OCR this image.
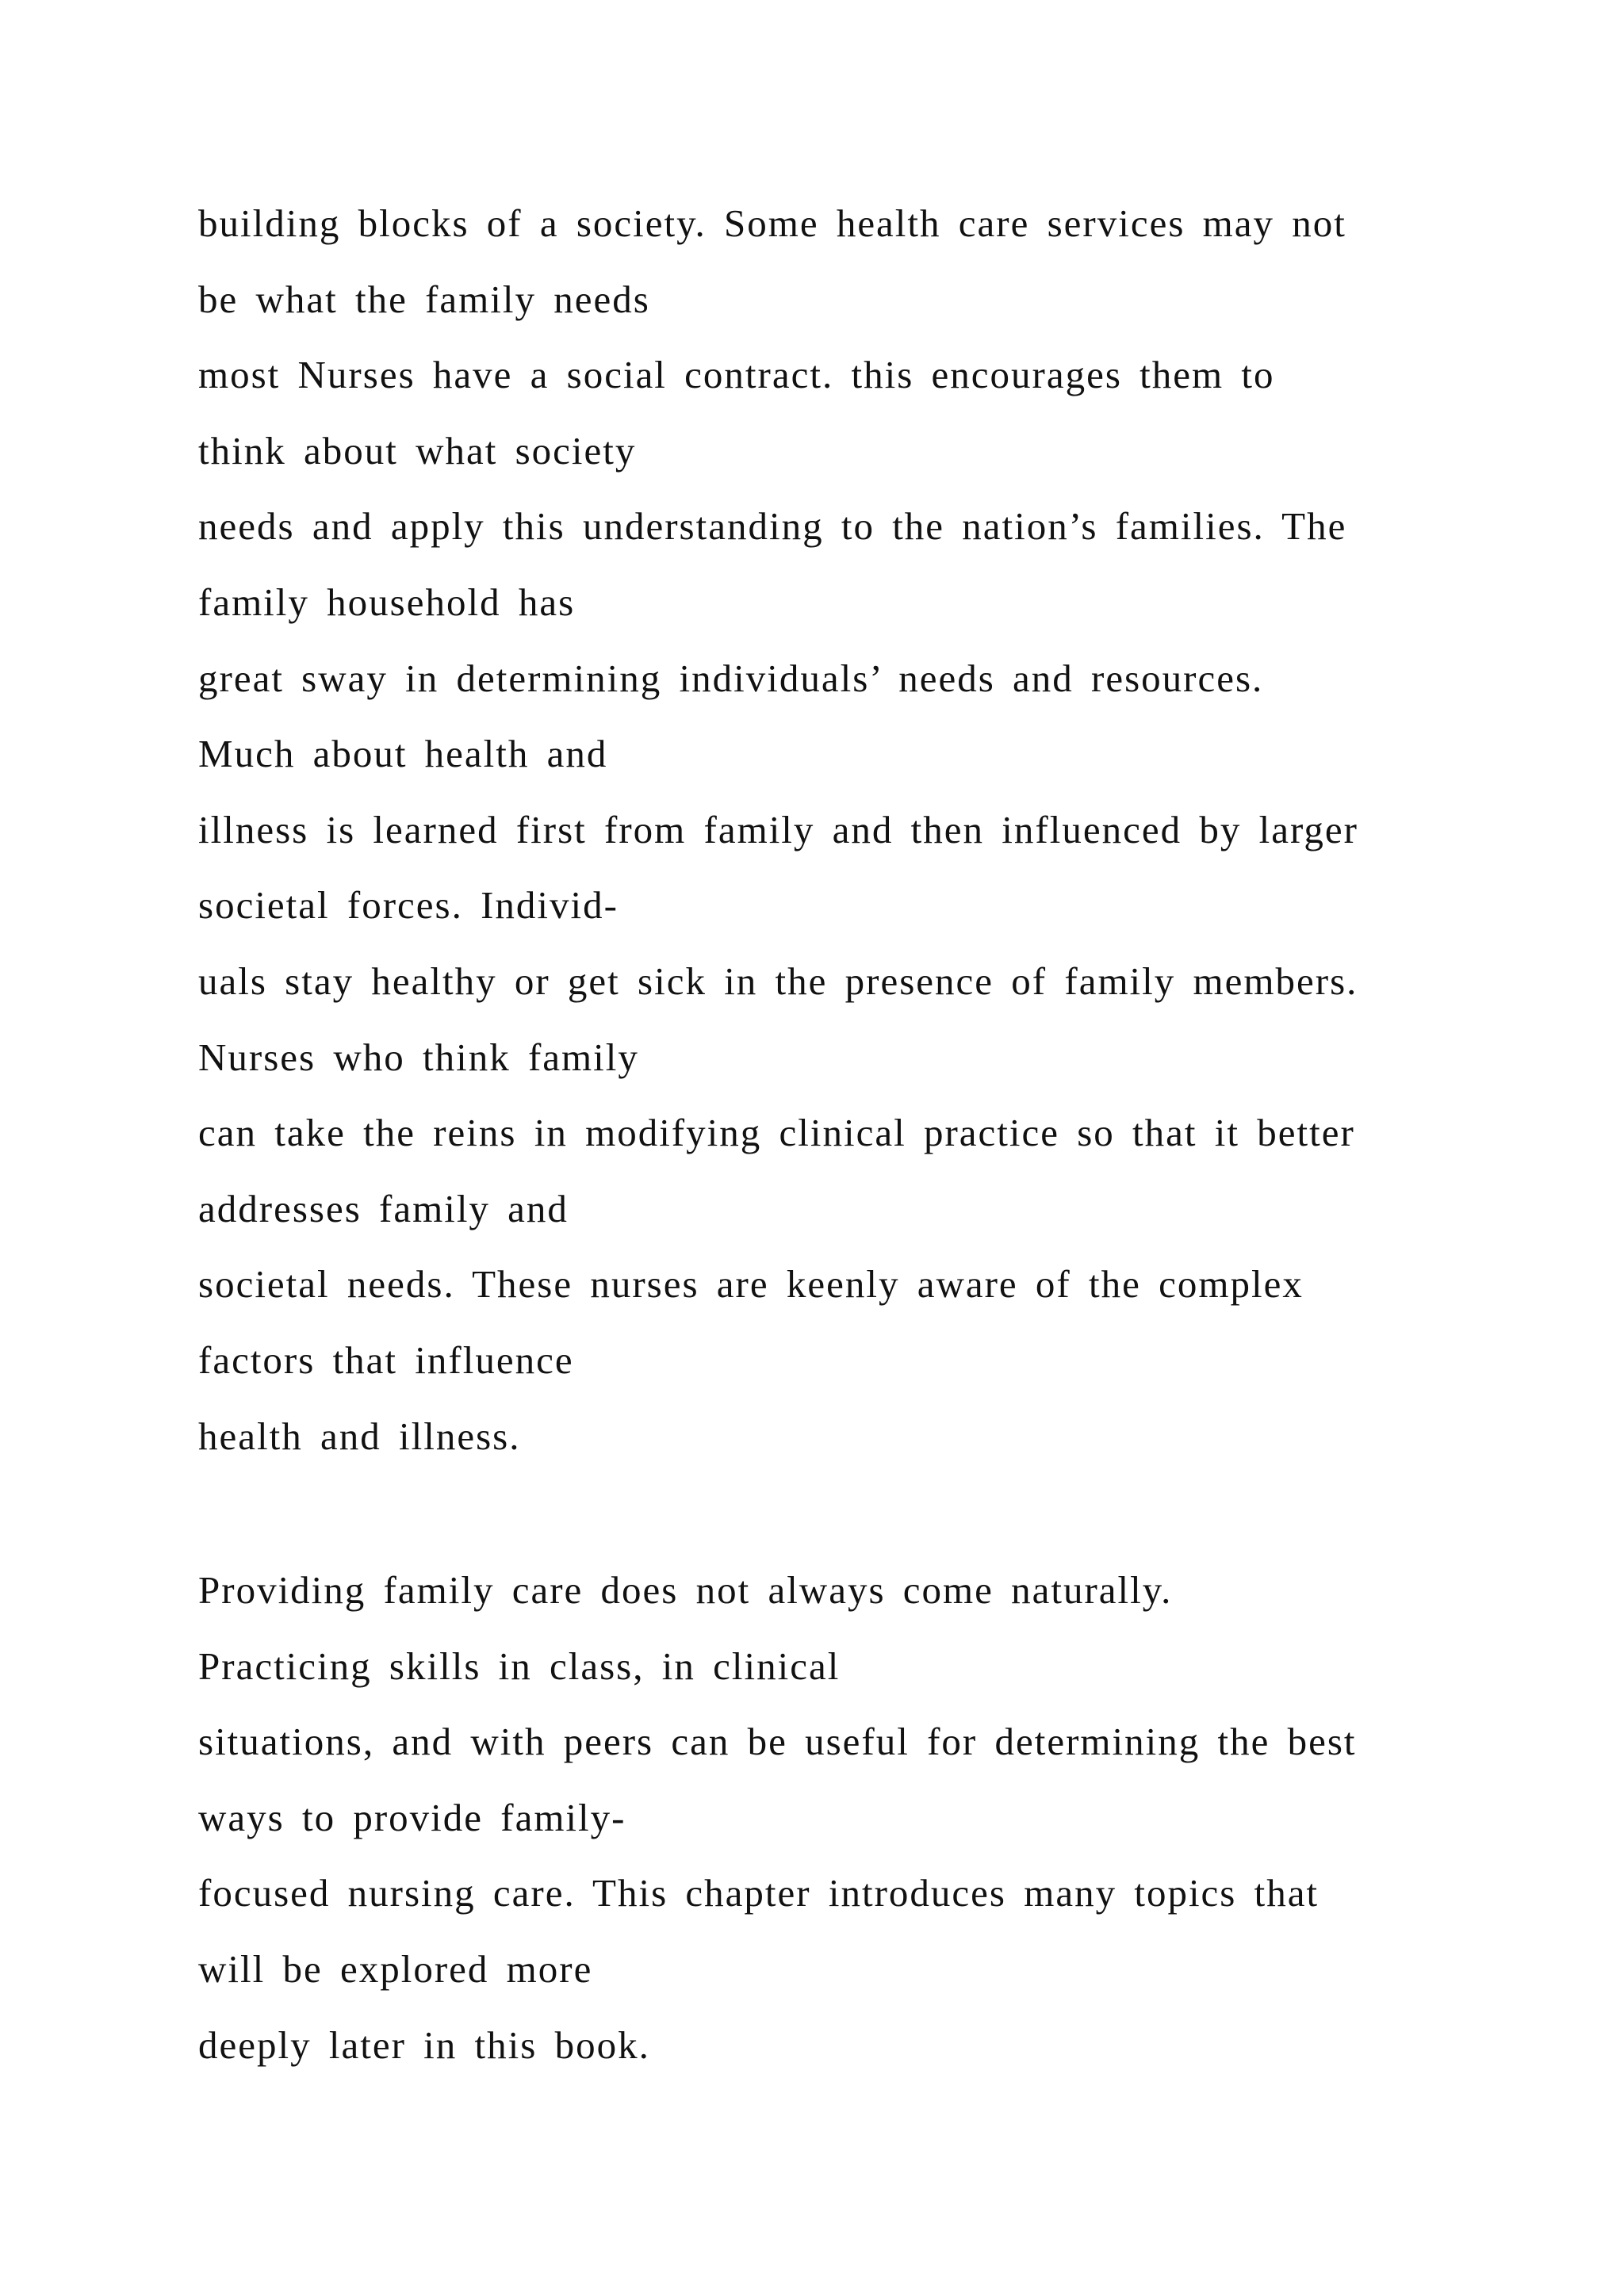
building blocks of a society. Some health care services may not
be what the family needs
most Nurses have a social contract. this encourages them to
think about what society
needs and apply this understanding to the nation’s families. The
family household has
great sway in determining individuals’ needs and resources.
Much about health and
illness is learned first from family and then influenced by larger
societal forces. Individ-
uals stay healthy or get sick in the presence of family members.
Nurses who think family
can take the reins in modifying clinical practice so that it better
addresses family and
societal needs. These nurses are keenly aware of the complex
factors that influence
health and illness.
Providing family care does not always come naturally.
Practicing skills in class, in clinical
situations, and with peers can be useful for determining the best
ways to provide family-
focused nursing care. This chapter introduces many topics that
will be explored more
deeply later in this book.
